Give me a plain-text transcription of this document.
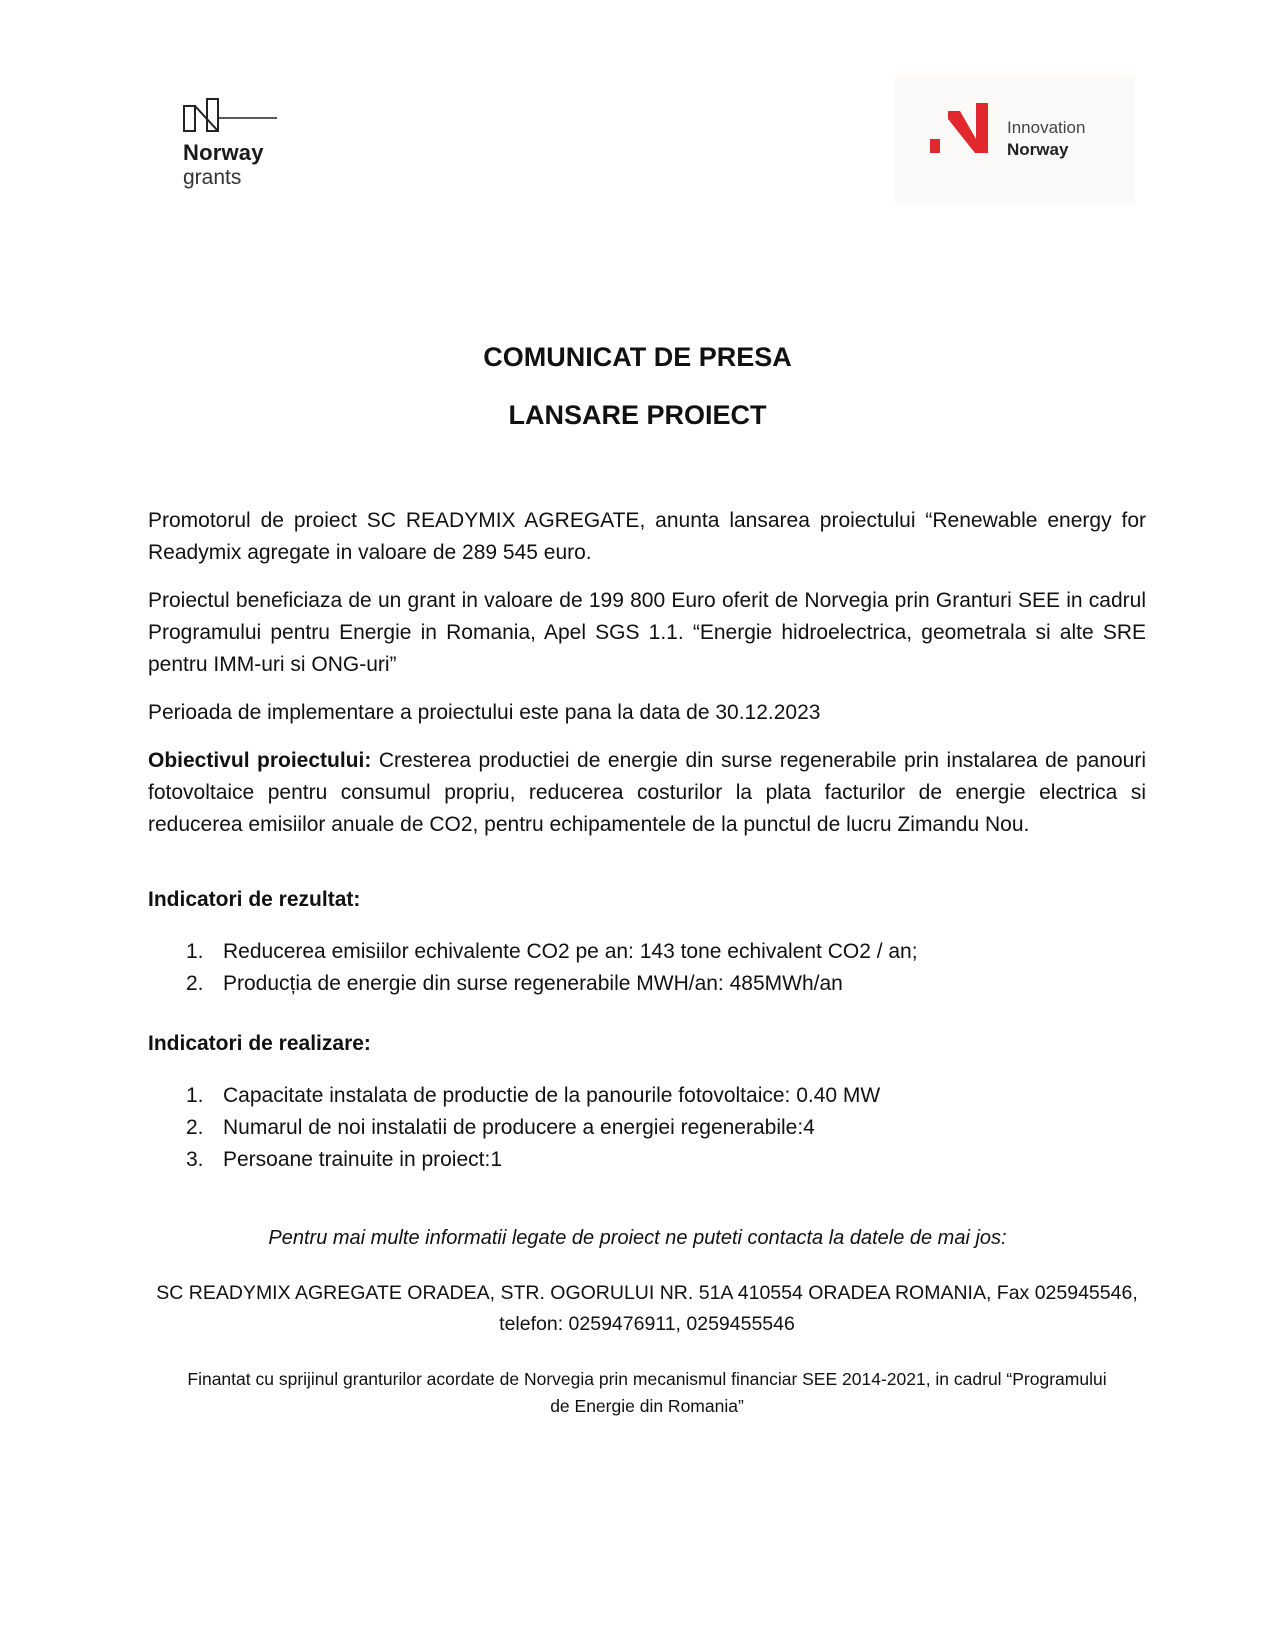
Norway
grants
Innovation
Norway
COMUNICAT DE PRESA
LANSARE PROIECT

Promotorul de proiect SC READYMIX AGREGATE, anunta lansarea proiectului “Renewable energy for Readymix agregate in valoare de 289 545 euro.

Proiectul beneficiaza de un grant in valoare de 199 800 Euro oferit de Norvegia prin Granturi SEE in cadrul Programului pentru Energie in Romania, Apel SGS 1.1. “Energie hidroelectrica, geometrala si alte SRE pentru IMM-uri si ONG-uri”

Perioada de implementare a proiectului este pana la data de 30.12.2023

Obiectivul proiectului: Cresterea productiei de energie din surse regenerabile prin instalarea de panouri fotovoltaice pentru consumul propriu, reducerea costurilor la plata facturilor de energie electrica si reducerea emisiilor anuale de CO2, pentru echipamentele de la punctul de lucru Zimandu Nou.

Indicatori de rezultat:
1. Reducerea emisiilor echivalente CO2 pe an: 143 tone echivalent CO2 / an;
2. Producția de energie din surse regenerabile MWH/an: 485MWh/an
Indicatori de realizare:
1. Capacitate instalata de productie de la panourile fotovoltaice: 0.40 MW
2. Numarul de noi instalatii de producere a energiei regenerabile:4
3. Persoane trainuite in proiect:1
Pentru mai multe informatii legate de proiect ne puteti contacta la datele de mai jos:
SC READYMIX AGREGATE ORADEA, STR. OGORULUI NR. 51A 410554 ORADEA ROMANIA, Fax 025945546,
telefon: 0259476911, 0259455546
Finantat cu sprijinul granturilor acordate de Norvegia prin mecanismul financiar SEE 2014-2021, in cadrul “Programului
de Energie din Romania”
